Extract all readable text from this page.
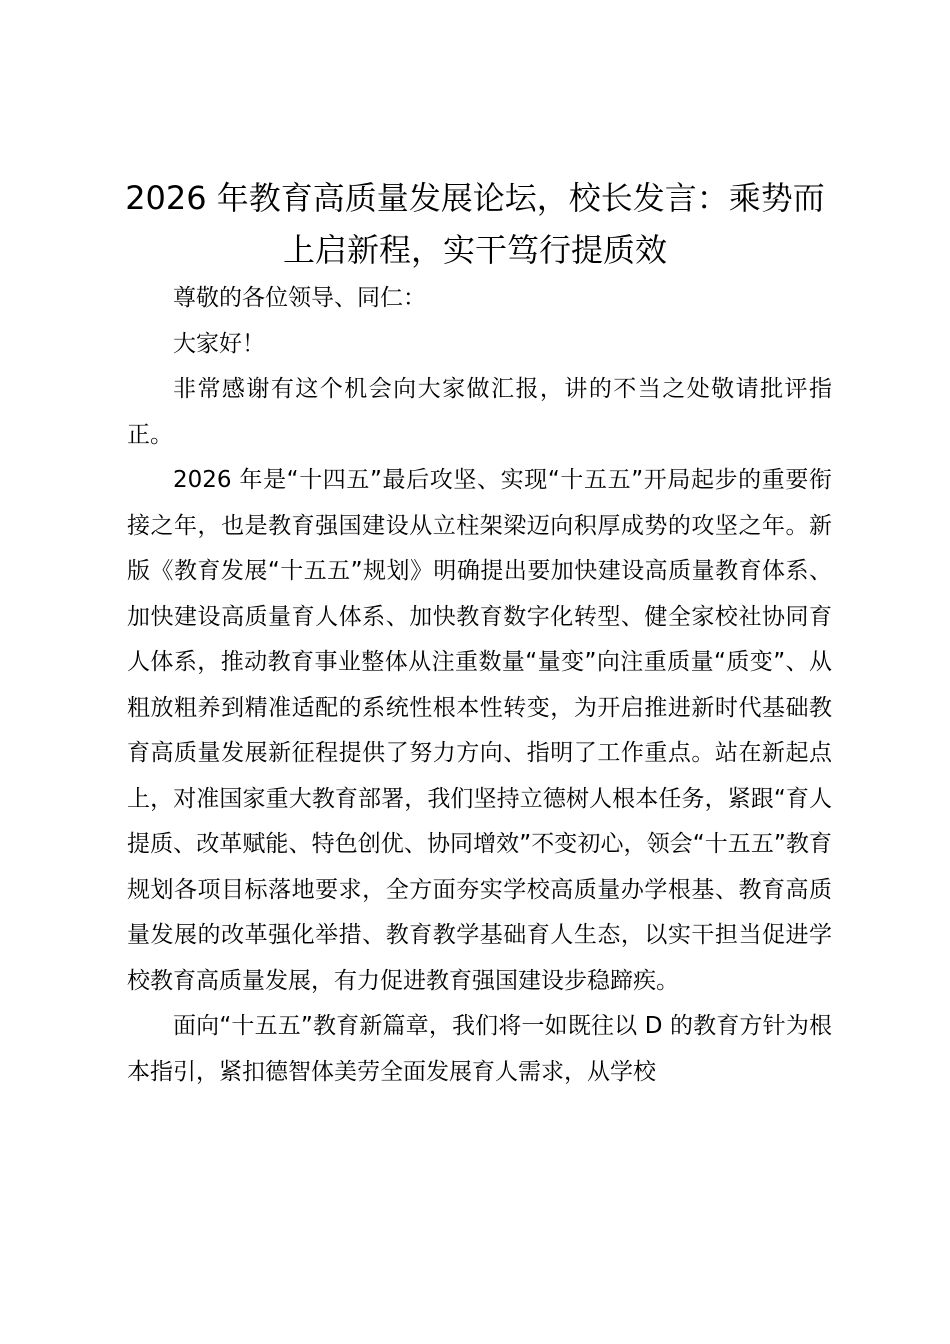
2026 年教育高质量发展论坛，校长发言：乘势而上启新程，实干笃行提质效

尊敬的各位领导、同仁：

大家好！

非常感谢有这个机会向大家做汇报，讲的不当之处敬请批评指正。

2026 年是“十四五”最后攻坚、实现“十五五”开局起步的重要衔接之年，也是教育强国建设从立柱架梁迈向积厚成势的攻坚之年。新版《教育发展“十五五”规划》明确提出要加快建设高质量教育体系、加快建设高质量育人体系、加快教育数字化转型、健全家校社协同育人体系，推动教育事业整体从注重数量“量变”向注重质量“质变”、从粗放粗养到精准适配的系统性根本性转变，为开启推进新时代基础教育高质量发展新征程提供了努力方向、指明了工作重点。站在新起点上，对准国家重大教育部署，我们坚持立德树人根本任务，紧跟“育人提质、改革赋能、特色创优、协同增效”不变初心，领会“十五五”教育规划各项目标落地要求，全方面夯实学校高质量办学根基、教育高质量发展的改革强化举措、教育教学基础育人生态，以实干担当促进学校教育高质量发展，有力促进教育强国建设步稳蹄疾。

面向“十五五”教育新篇章，我们将一如既往以 D 的教育方针为根本指引，紧扣德智体美劳全面发展育人需求，从学校
